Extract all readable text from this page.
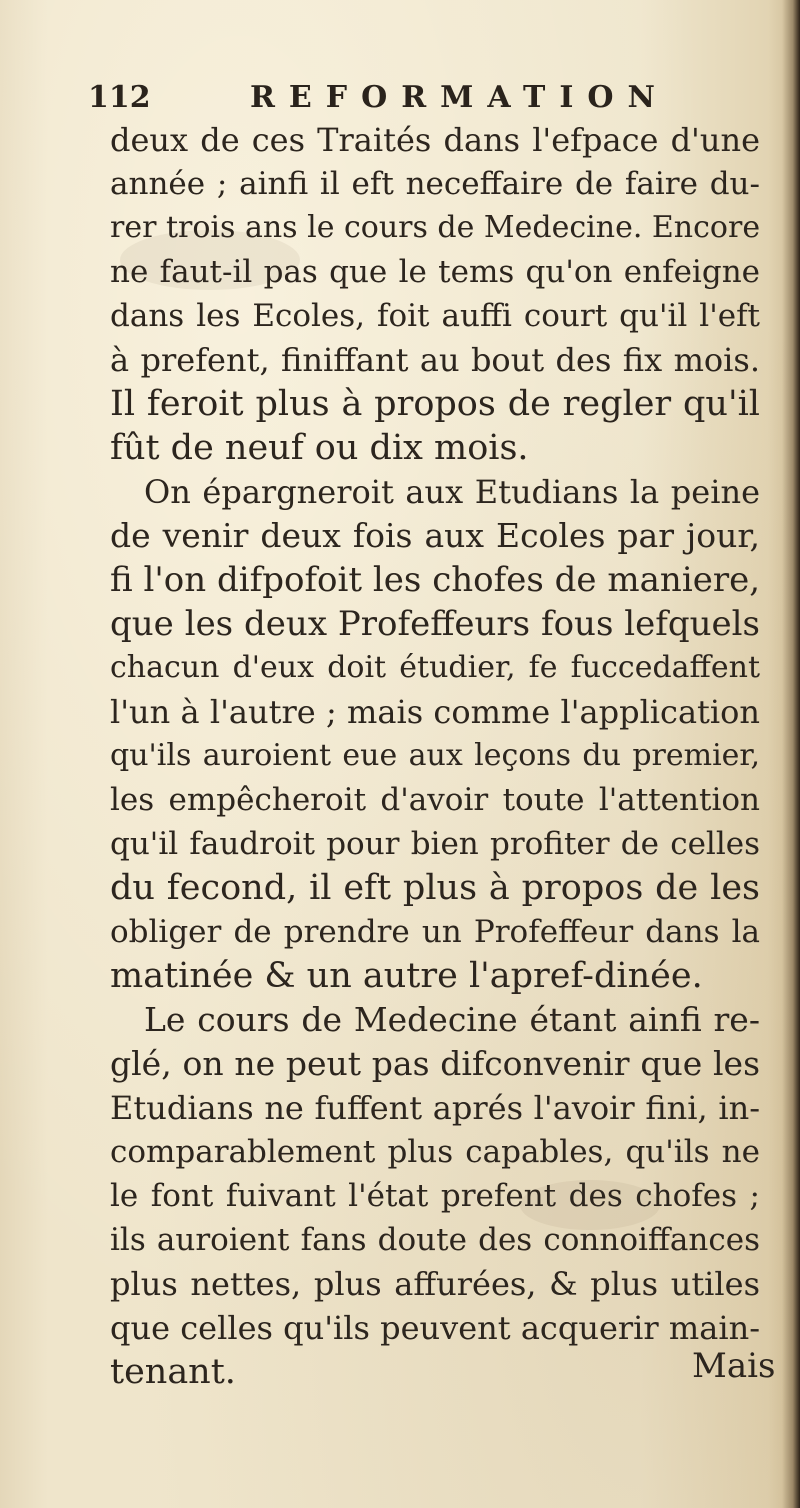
112	REFORMATION
deux de ces Traités dans l'efpace d'une
année ; ainfi il eft neceffaire de faire du-
rer trois ans le cours de Medecine. Encore
ne faut-il pas que le tems qu'on enfeigne
dans les Ecoles, foit auffi court qu'il l'eft
à prefent, finiffant au bout des fix mois.
Il feroit plus à propos de regler qu'il
fût de neuf ou dix mois.
On épargneroit aux Etudians la peine
de venir deux fois aux Ecoles par jour,
fi l'on difpofoit les chofes de maniere,
que les deux Profeffeurs fous lefquels
chacun d'eux doit étudier, fe fuccedaffent
l'un à l'autre ; mais comme l'application
qu'ils auroient eue aux leçons du premier,
les empêcheroit d'avoir toute l'attention
qu'il faudroit pour bien profiter de celles
du fecond, il eft plus à propos de les
obliger de prendre un Profeffeur dans la
matinée & un autre l'apref-dinée.
Le cours de Medecine étant ainfi re-
glé, on ne peut pas difconvenir que les
Etudians ne fuffent aprés l'avoir fini, in-
comparablement plus capables, qu'ils ne
le font fuivant l'état prefent des chofes ;
ils auroient fans doute des connoiffances
plus nettes, plus affurées, & plus utiles
que celles qu'ils peuvent acquerir main-
tenant.	Mais
